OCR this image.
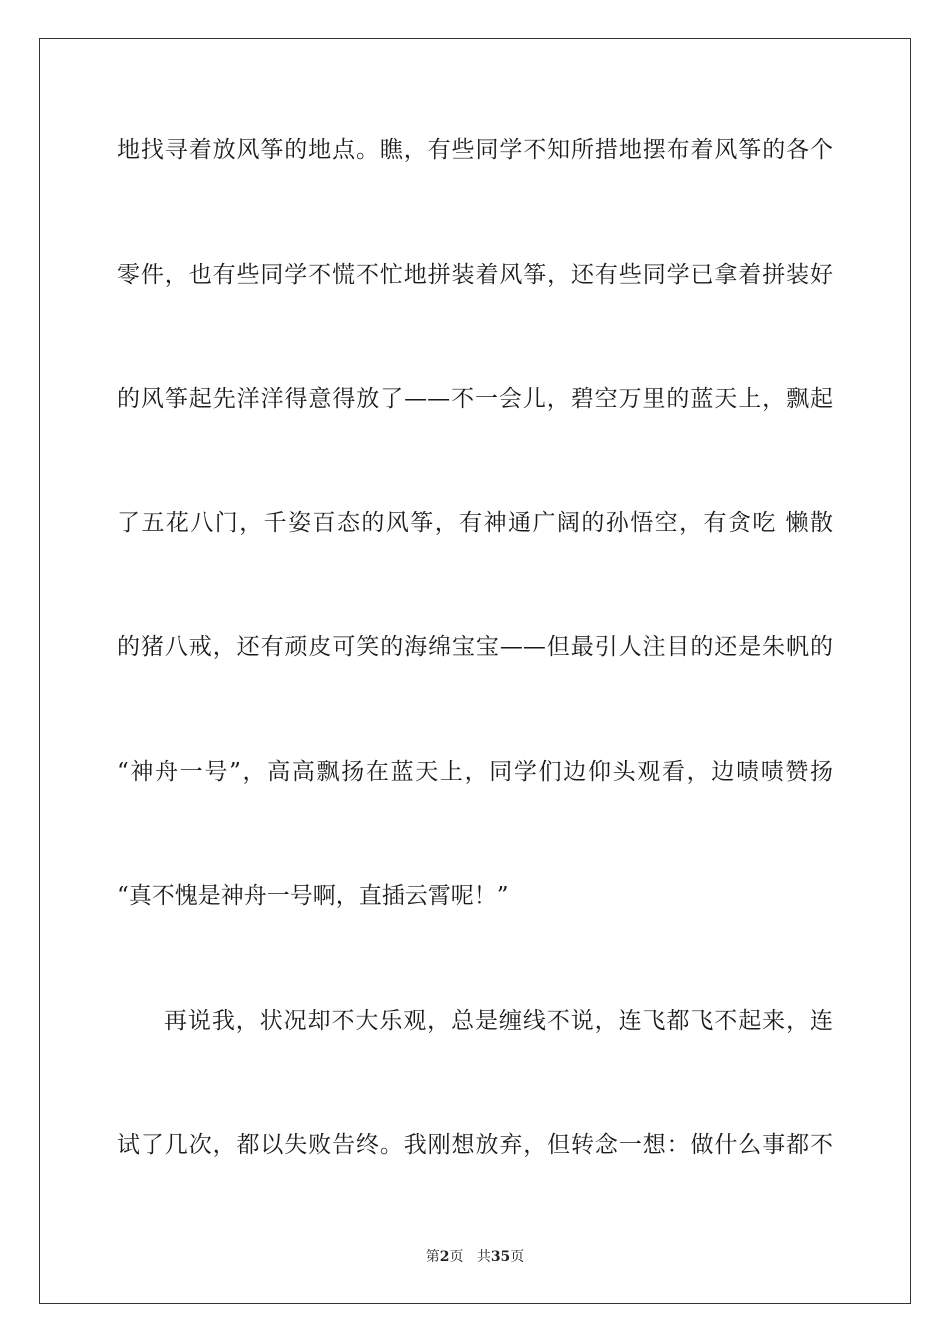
地找寻着放风筝的地点。瞧，有些同学不知所措地摆布着风筝的各个
零件，也有些同学不慌不忙地拼装着风筝，还有些同学已拿着拼装好
的风筝起先洋洋得意得放了——不一会儿，碧空万里的蓝天上，飘起
了五花八门，千姿百态的风筝，有神通广阔的孙悟空，有贪吃 懒散
的猪八戒，还有顽皮可笑的海绵宝宝——但最引人注目的还是朱帆的
“神舟一号”，高高飘扬在蓝天上，同学们边仰头观看，边啧啧赞扬
“真不愧是神舟一号啊，直插云霄呢！”
再说我，状况却不大乐观，总是缠线不说，连飞都飞不起来，连
试了几次，都以失败告终。我刚想放弃，但转念一想：做什么事都不
第2页 共35页
